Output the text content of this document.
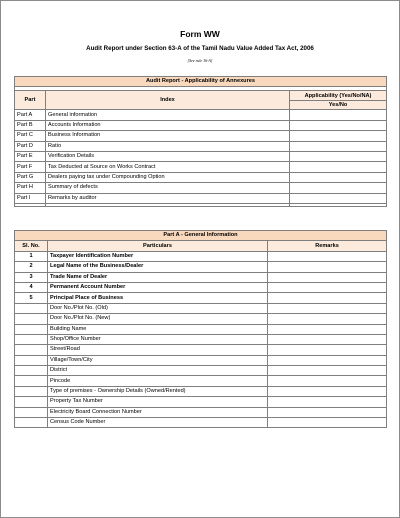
Form WW
Audit Report under Section 63-A of the Tamil Nadu Value Added Tax Act, 2006
[See rule 16-A]
Audit Report - Applicability of Annexures		

Part	Index	Applicability (Yes/No/NA)
		Yes/No
Part A	General information	
Part B	Accounts Information	
Part C	Business Information	
Part D	Ratio	
Part E	Verification Details	
Part F	Tax Deducted at Source on Works Contract	
Part G	Dealers paying tax under Compounding Option	
Part H	Summary of defects	
Part I	Remarks by auditor	

Part A - General Information		
Sl. No.	Particulars	Remarks
1	Taxpayer Identification Number	
2	Legal Name of the Business/Dealer	
3	Trade Name of Dealer	
4	Permanent Account Number	
5	Principal Place of Business	
	Door No./Plot No. (Old)	
	Door No./Plot No. (New)	
	Building Name	
	Shop/Office Number	
	Street/Road	
	Village/Town/City	
	District	
	Pincode	
	Type of premises - Ownership Details (Owned/Rented)	
	Property Tax Number	
	Electricity Board Connection Number	
	Census Code Number	
